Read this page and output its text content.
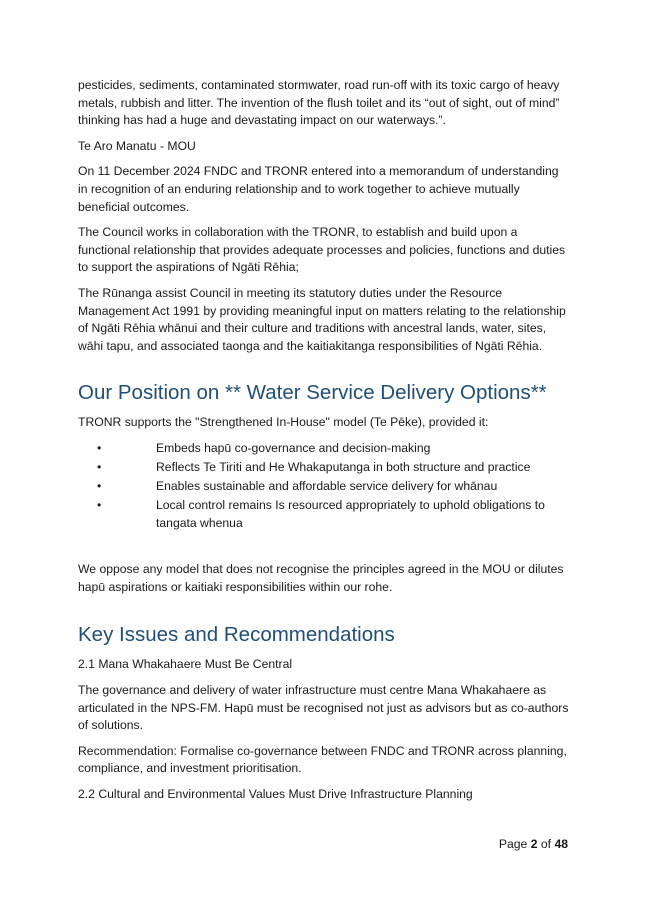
pesticides, sediments, contaminated stormwater, road run-off with its toxic cargo of heavy metals, rubbish and litter. The invention of the flush toilet and its “out of sight, out of mind” thinking has had a huge and devastating impact on our waterways.”.

Te Aro Manatu - MOU

On 11 December 2024 FNDC and TRONR entered into a memorandum of understanding in recognition of an enduring relationship and to work together to achieve mutually beneficial outcomes.

The Council works in collaboration with the TRONR, to establish and build upon a functional relationship that provides adequate processes and policies, functions and duties to support the aspirations of Ngāti Rēhia;

The Rūnanga assist Council in meeting its statutory duties under the Resource Management Act 1991 by providing meaningful input on matters relating to the relationship of Ngāti Rēhia whānui and their culture and traditions with ancestral lands, water, sites, wāhi tapu, and associated taonga and the kaitiakitanga responsibilities of Ngāti Rēhia.

Our Position on ** Water Service Delivery Options**

TRONR supports the "Strengthened In-House" model (Te Pēke), provided it:

•	Embeds hapū co-governance and decision-making
•	Reflects Te Tiriti and He Whakaputanga in both structure and practice
•	Enables sustainable and affordable service delivery for whānau
•	Local control remains Is resourced appropriately to uphold obligations to tangata whenua

We oppose any model that does not recognise the principles agreed in the MOU or dilutes hapū aspirations or kaitiaki responsibilities within our rohe.

Key Issues and Recommendations

2.1 Mana Whakahaere Must Be Central

The governance and delivery of water infrastructure must centre Mana Whakahaere as articulated in the NPS-FM. Hapū must be recognised not just as advisors but as co-authors of solutions.

Recommendation: Formalise co-governance between FNDC and TRONR across planning, compliance, and investment prioritisation.

2.2 Cultural and Environmental Values Must Drive Infrastructure Planning

Page 2 of 48
